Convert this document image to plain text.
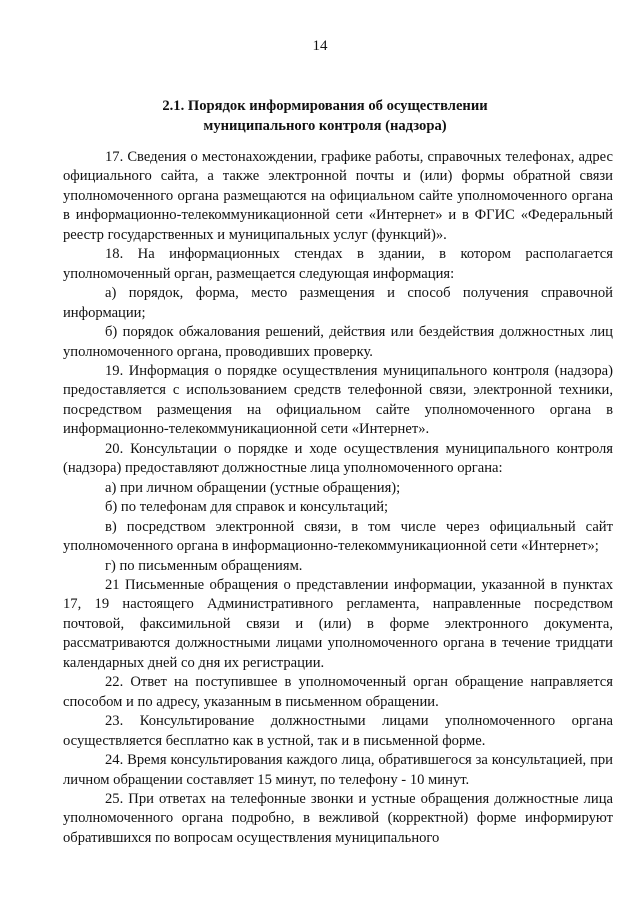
14
2.1. Порядок информирования об осуществлении
муниципального контроля (надзора)

17. Сведения о местонахождении, графике работы, справочных телефонах, адрес официального сайта, а также электронной почты и (или) формы обратной связи уполномоченного органа размещаются на официальном сайте уполномоченного органа в информационно-телекоммуникационной сети «Интернет» и в ФГИС «Федеральный реестр государственных и муниципальных услуг (функций)».

18. На информационных стендах в здании, в котором располагается уполномоченный орган, размещается следующая информация:

а) порядок, форма, место размещения и способ получения справочной информации;

б) порядок обжалования решений, действия или бездействия должностных лиц уполномоченного органа, проводивших проверку.

19. Информация о порядке осуществления муниципального контроля (надзора) предоставляется с использованием средств телефонной связи, электронной техники, посредством размещения на официальном сайте уполномоченного органа в информационно-телекоммуникационной сети «Интернет».

20. Консультации о порядке и ходе осуществления муниципального контроля (надзора) предоставляют должностные лица уполномоченного органа:

а) при личном обращении (устные обращения);

б) по телефонам для справок и консультаций;

в) посредством электронной связи, в том числе через официальный сайт уполномоченного органа в информационно-телекоммуникационной сети «Интернет»;

г) по письменным обращениям.

21 Письменные обращения о представлении информации, указанной в пунктах 17, 19 настоящего Административного регламента, направленные посредством почтовой, факсимильной связи и (или) в форме электронного документа, рассматриваются должностными лицами уполномоченного органа в течение тридцати календарных дней со дня их регистрации.

22. Ответ на поступившее в уполномоченный орган обращение направляется способом и по адресу, указанным в письменном обращении.

23. Консультирование должностными лицами уполномоченного органа осуществляется бесплатно как в устной, так и в письменной форме.

24. Время консультирования каждого лица, обратившегося за консультацией, при личном обращении составляет 15 минут, по телефону - 10 минут.

25. При ответах на телефонные звонки и устные обращения должностные лица уполномоченного органа подробно, в вежливой (корректной) форме информируют обратившихся по вопросам осуществления муниципального
